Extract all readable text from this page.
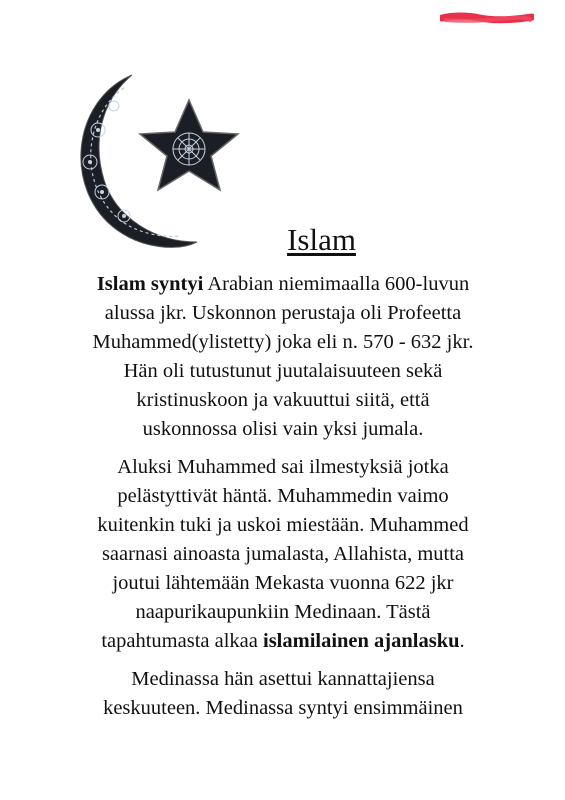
Islam
Islam syntyi Arabian niemimaalla 600-luvun
alussa jkr. Uskonnon perustaja oli Profeetta
Muhammed(ylistetty) joka eli n. 570 - 632 jkr.
Hän oli tutustunut juutalaisuuteen sekä
kristinuskoon ja vakuuttui siitä, että
uskonnossa olisi vain yksi jumala.
Aluksi Muhammed sai ilmestyksiä jotka
pelästyttivät häntä. Muhammedin vaimo
kuitenkin tuki ja uskoi miestään. Muhammed
saarnasi ainoasta jumalasta, Allahista, mutta
joutui lähtemään Mekasta vuonna 622 jkr
naapurikaupunkiin Medinaan. Tästä
tapahtumasta alkaa islamilainen ajanlasku.
Medinassa hän asettui kannattajiensa
keskuuteen. Medinassa syntyi ensimmäinen
